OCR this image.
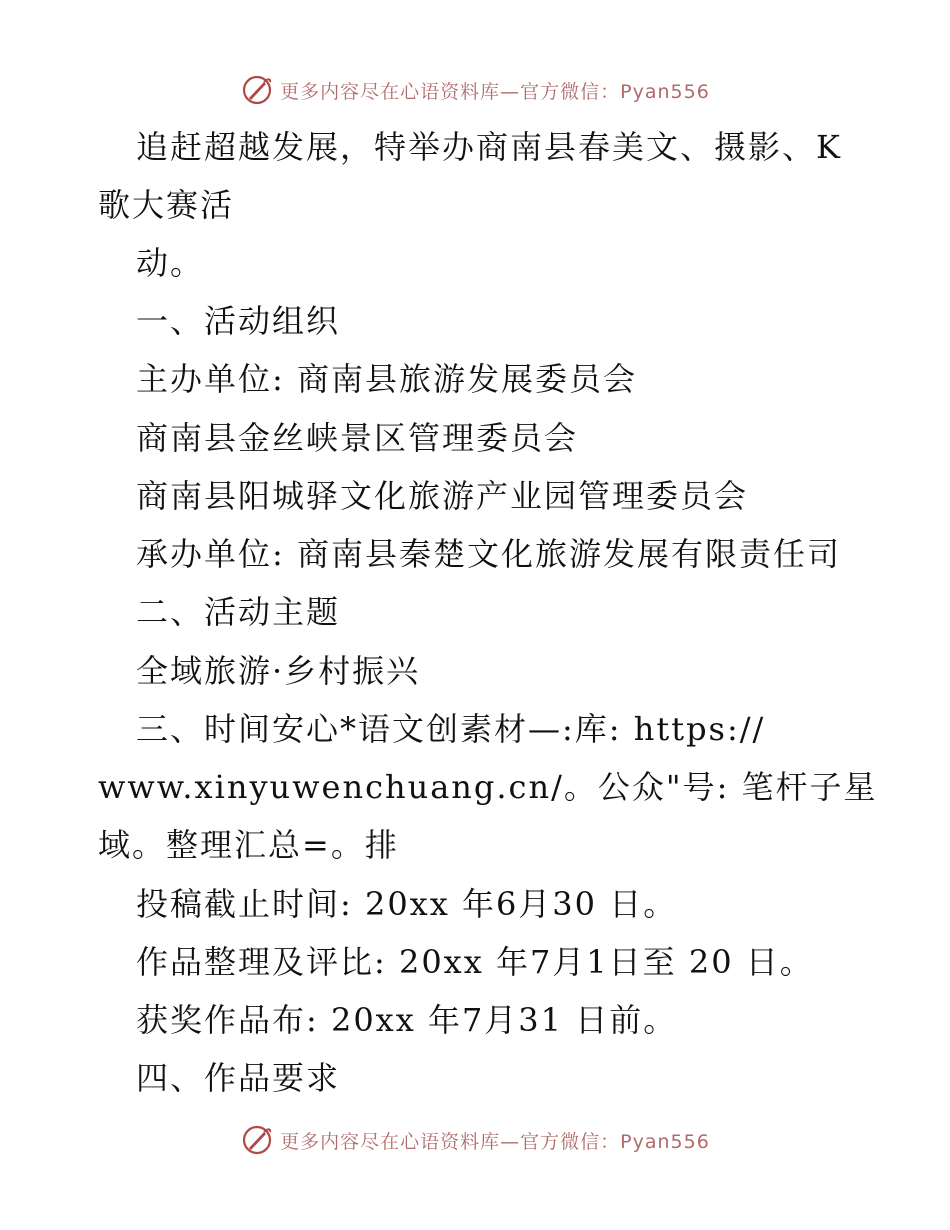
更多内容尽在心语资料库—官方微信：Pyan556
追赶超越发展，特举办商南县春美文、摄影、K
歌大赛活
动。
一、活动组织
主办单位: 商南县旅游发展委员会
商南县金丝峡景区管理委员会
商南县阳城驿文化旅游产业园管理委员会
承办单位: 商南县秦楚文化旅游发展有限责任司
二、活动主题
全域旅游·乡村振兴
三、时间安心*语文创素材—:库: https://
www.xinyuwenchuang.cn/。公众"号: 笔杆子星
域。整理汇总=。排
投稿截止时间: 20xx 年6月30 日。
作品整理及评比: 20xx 年7月1日至 20 日。
获奖作品布: 20xx 年7月31 日前。
四、作品要求
更多内容尽在心语资料库—官方微信：Pyan556
